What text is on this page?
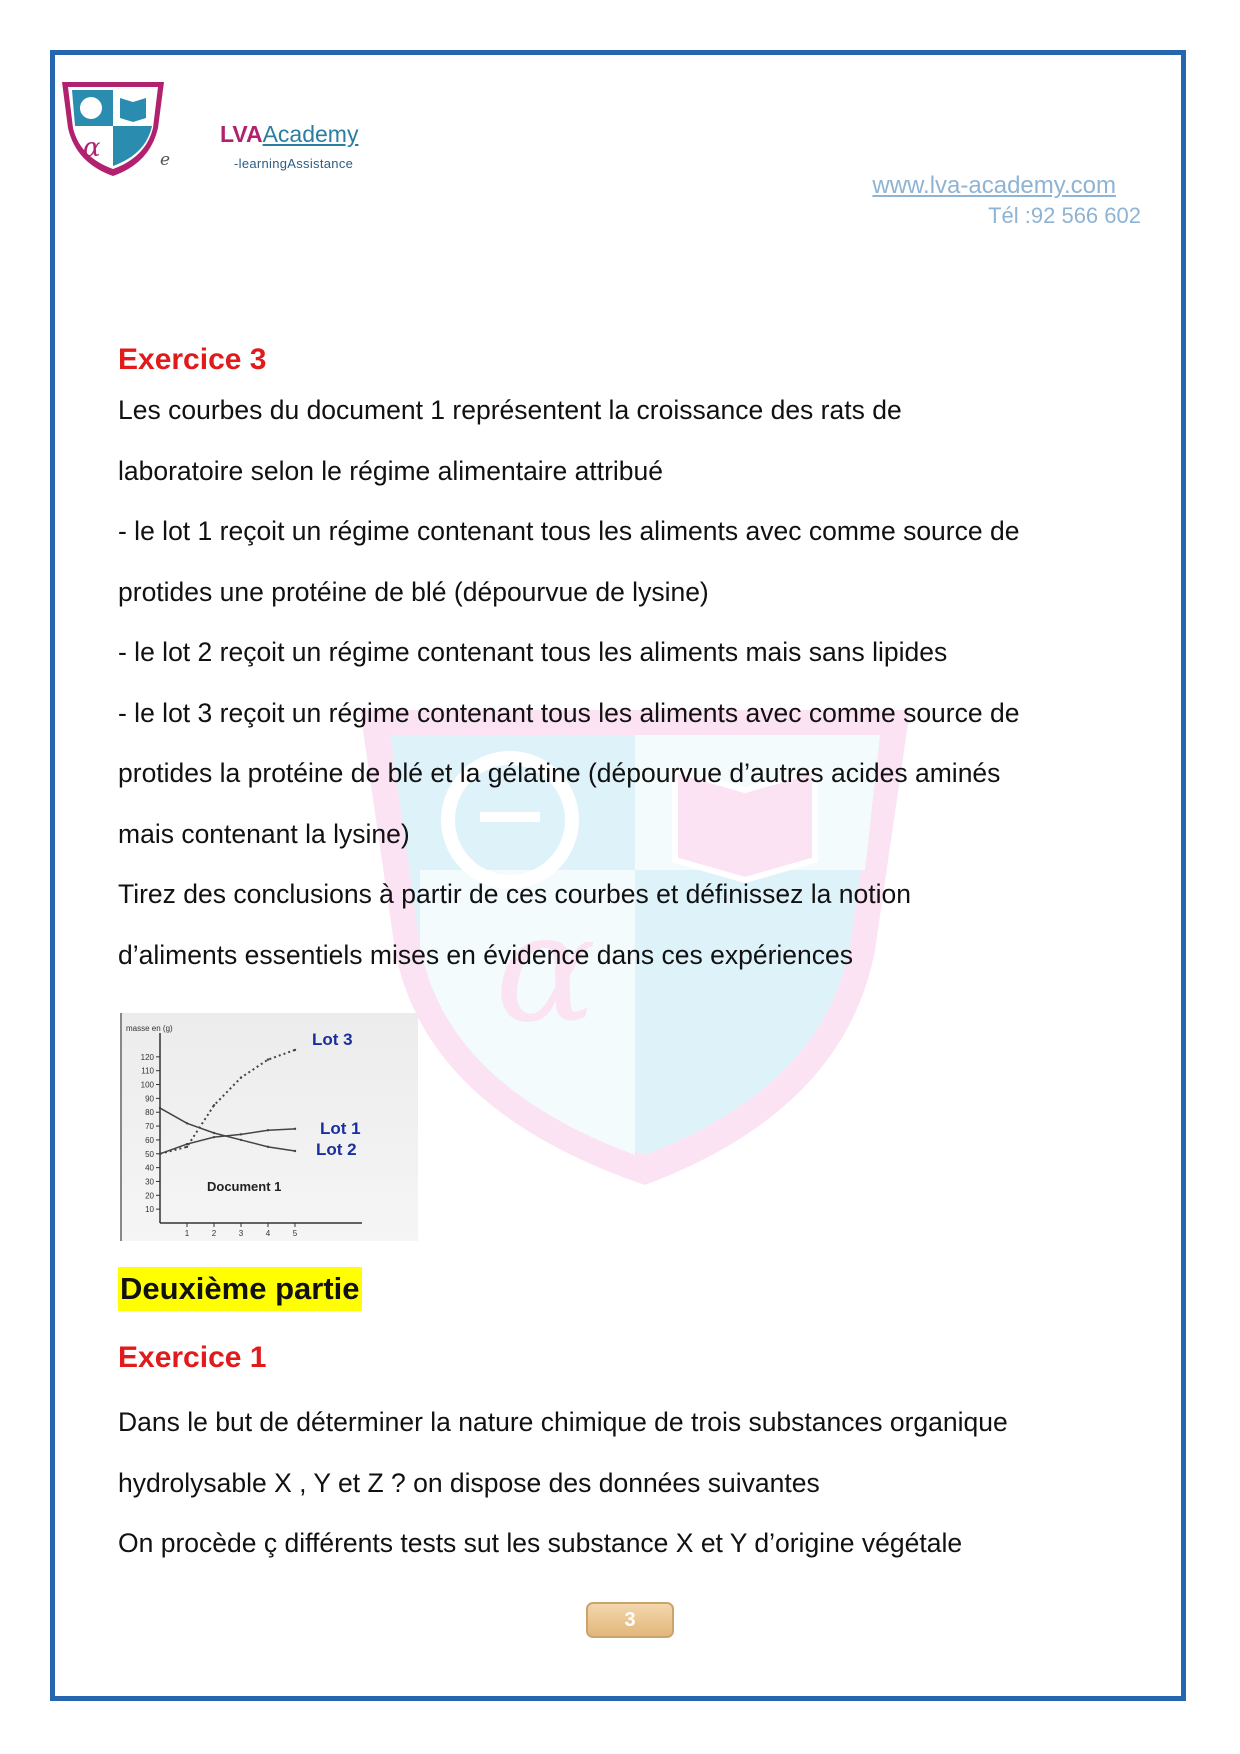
α
α	e
LVAAcademy
-learningAssistance
www.lva-academy.com
Tél :92 566 602

Exercice 3

Les courbes du document 1 représentent la croissance des rats de

laboratoire selon le régime alimentaire attribué

- le lot 1 reçoit un régime contenant tous les aliments avec comme source de

protides une protéine de blé (dépourvue de lysine)

- le lot 2 reçoit un régime contenant tous les aliments mais sans lipides

- le lot 3 reçoit un régime contenant tous les aliments avec comme source de

protides la protéine de blé et la gélatine (dépourvue d’autres acides aminés

mais contenant la lysine)

Tirez des conclusions à partir de ces courbes et définissez la notion

d’aliments essentiels mises en évidence dans ces expériences

masse en (g)
10
20
30
40
50
60
70
80
90
100
110
120
1	2	3	4	5
Lot 3
Lot 1
Lot 2
Document 1
Deuxième partie
Exercice 1

Dans le but de déterminer la nature chimique de trois substances organique

hydrolysable X , Y et Z ? on dispose des données suivantes

On procède ç différents tests sut les substance X et Y d’origine végétale

3
